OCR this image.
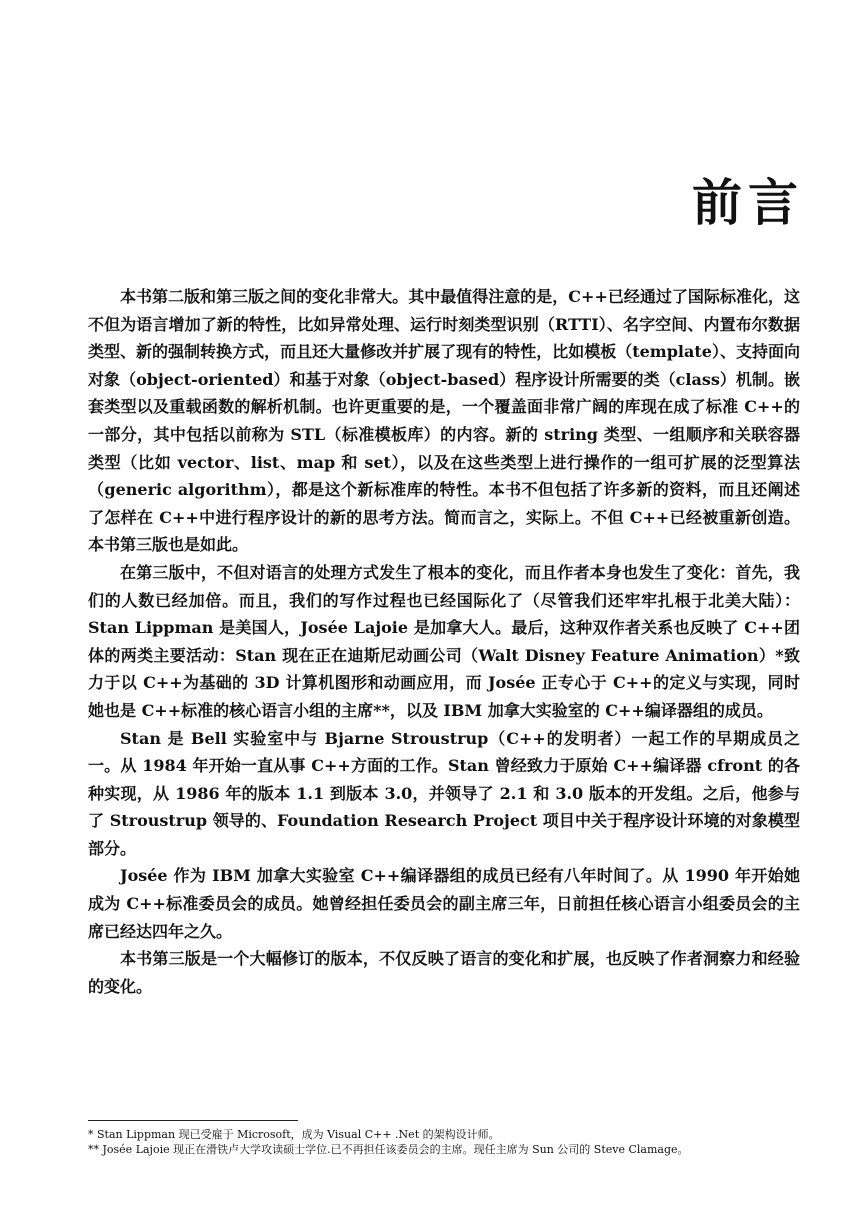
前言

本书第二版和第三版之间的变化非常大。其中最值得注意的是，C++已经通过了国际标准化，这不但为语言增加了新的特性，比如异常处理、运行时刻类型识别（RTTI）、名字空间、内置布尔数据类型、新的强制转换方式，而且还大量修改并扩展了现有的特性，比如模板（template）、支持面向对象（object-oriented）和基于对象（object-based）程序设计所需要的类（class）机制。嵌套类型以及重载函数的解析机制。也许更重要的是，一个覆盖面非常广阔的库现在成了标准 C++的一部分，其中包括以前称为 STL（标准模板库）的内容。新的 string 类型、一组顺序和关联容器类型（比如 vector、list、map 和 set），以及在这些类型上进行操作的一组可扩展的泛型算法（generic algorithm），都是这个新标准库的特性。本书不但包括了许多新的资料，而且还阐述了怎样在 C++中进行程序设计的新的思考方法。简而言之，实际上。不但 C++已经被重新创造。本书第三版也是如此。

在第三版中，不但对语言的处理方式发生了根本的变化，而且作者本身也发生了变化：首先，我们的人数已经加倍。而且，我们的写作过程也已经国际化了（尽管我们还牢牢扎根于北美大陆）：Stan Lippman 是美国人，Josée Lajoie 是加拿大人。最后，这种双作者关系也反映了 C++团体的两类主要活动：Stan 现在正在迪斯尼动画公司（Walt Disney Feature Animation）*致力于以 C++为基础的 3D 计算机图形和动画应用，而 Josée 正专心于 C++的定义与实现，同时她也是 C++标准的核心语言小组的主席**，以及 IBM 加拿大实验室的 C++编译器组的成员。

Stan 是 Bell 实验室中与 Bjarne Stroustrup（C++的发明者）一起工作的早期成员之一。从 1984 年开始一直从事 C++方面的工作。Stan 曾经致力于原始 C++编译器 cfront 的各种实现，从 1986 年的版本 1.1 到版本 3.0，并领导了 2.1 和 3.0 版本的开发组。之后，他参与了 Stroustrup 领导的、Foundation Research Project 项目中关于程序设计环境的对象模型部分。

Josée 作为 IBM 加拿大实验室 C++编译器组的成员已经有八年时间了。从 1990 年开始她成为 C++标准委员会的成员。她曾经担任委员会的副主席三年，日前担任核心语言小组委员会的主席已经达四年之久。

本书第三版是一个大幅修订的版本，不仅反映了语言的变化和扩展，也反映了作者洞察力和经验的变化。

* Stan Lippman 现已受雇于 Microsoft，成为 Visual C++ .Net 的架构设计师。

** Josée Lajoie 现正在滑铁卢大学攻读硕士学位.已不再担任该委员会的主席。现任主席为 Sun 公司的 Steve Clamage。
